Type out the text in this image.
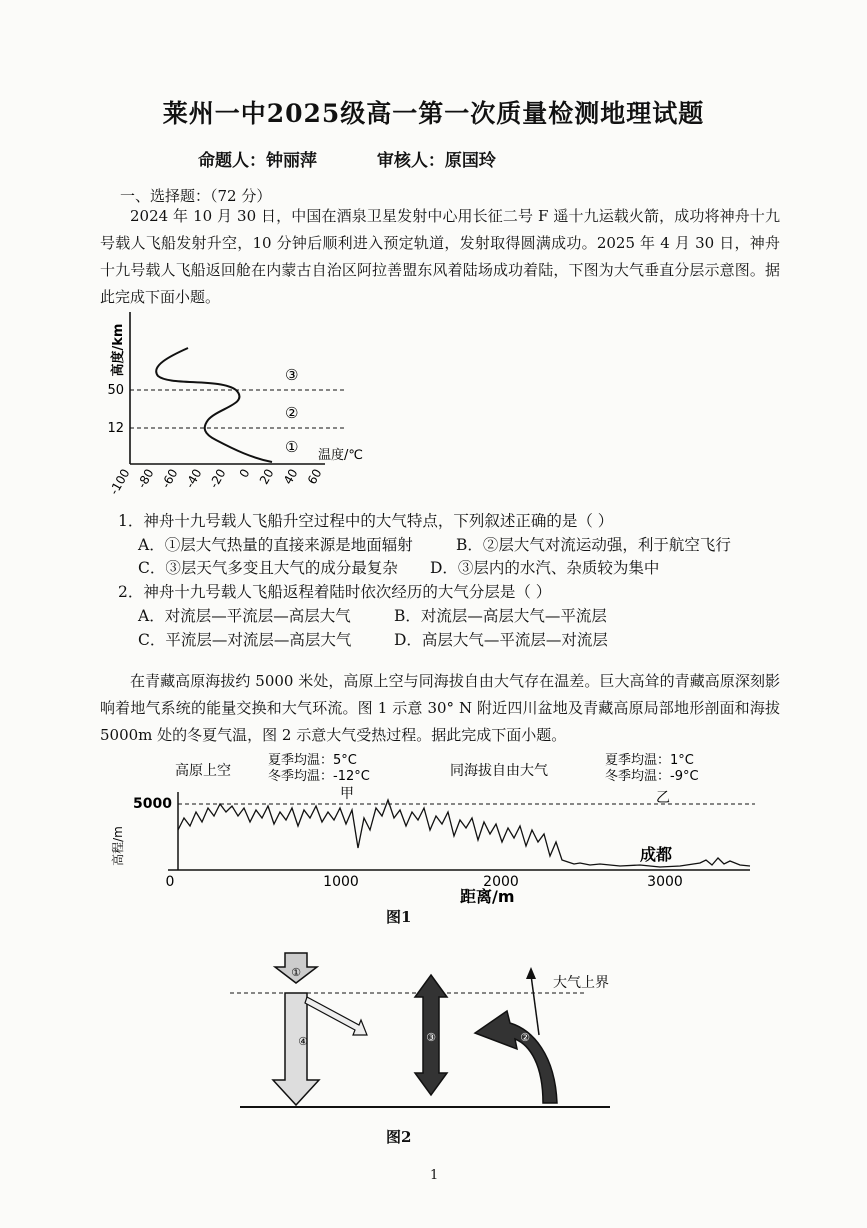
莱州一中2025级高一第一次质量检测地理试题
命题人：钟丽萍	审核人：原国玲
一、选择题：（72 分）
2024 年 10 月 30 日，中国在酒泉卫星发射中心用长征二号 F 遥十九运载火箭，成功将神舟十九号载人飞船发射升空，10 分钟后顺利进入预定轨道，发射取得圆满成功。2025 年 4 月 30 日，神舟十九号载人飞船返回舱在内蒙古自治区阿拉善盟东风着陆场成功着陆，下图为大气垂直分层示意图。据此完成下面小题。
高度/km
50
12
③
②
① 温度/℃
-100 -80 -60 -40 -20 0 20 40 60
1．神舟十九号载人飞船升空过程中的大气特点，下列叙述正确的是（ ）
A．①层大气热量的直接来源是地面辐射	B．②层大气对流运动强，利于航空飞行
C．③层天气多变且大气的成分最复杂 D．③层内的水汽、杂质较为集中
2．神舟十九号载人飞船返程着陆时依次经历的大气分层是（ ）
A．对流层—平流层—高层大气	B．对流层—高层大气—平流层
C．平流层—对流层—高层大气	D．高层大气—平流层—对流层
在青藏高原海拔约 5000 米处，高原上空与同海拔自由大气存在温差。巨大高耸的青藏高原深刻影响着地气系统的能量交换和大气环流。图 1 示意 30° N 附近四川盆地及青藏高原局部地形剖面和海拔 5000m 处的冬夏气温，图 2 示意大气受热过程。据此完成下面小题。
高原上空
夏季均温：5°C
冬季均温：-12°C	同海拔自由大气
夏季均温：1°C
冬季均温：-9°C
甲	乙
高程/m
5000
成都
0	1000	2000	3000
距离/m
图1
大气上界
①
④	③	②
图2
1
